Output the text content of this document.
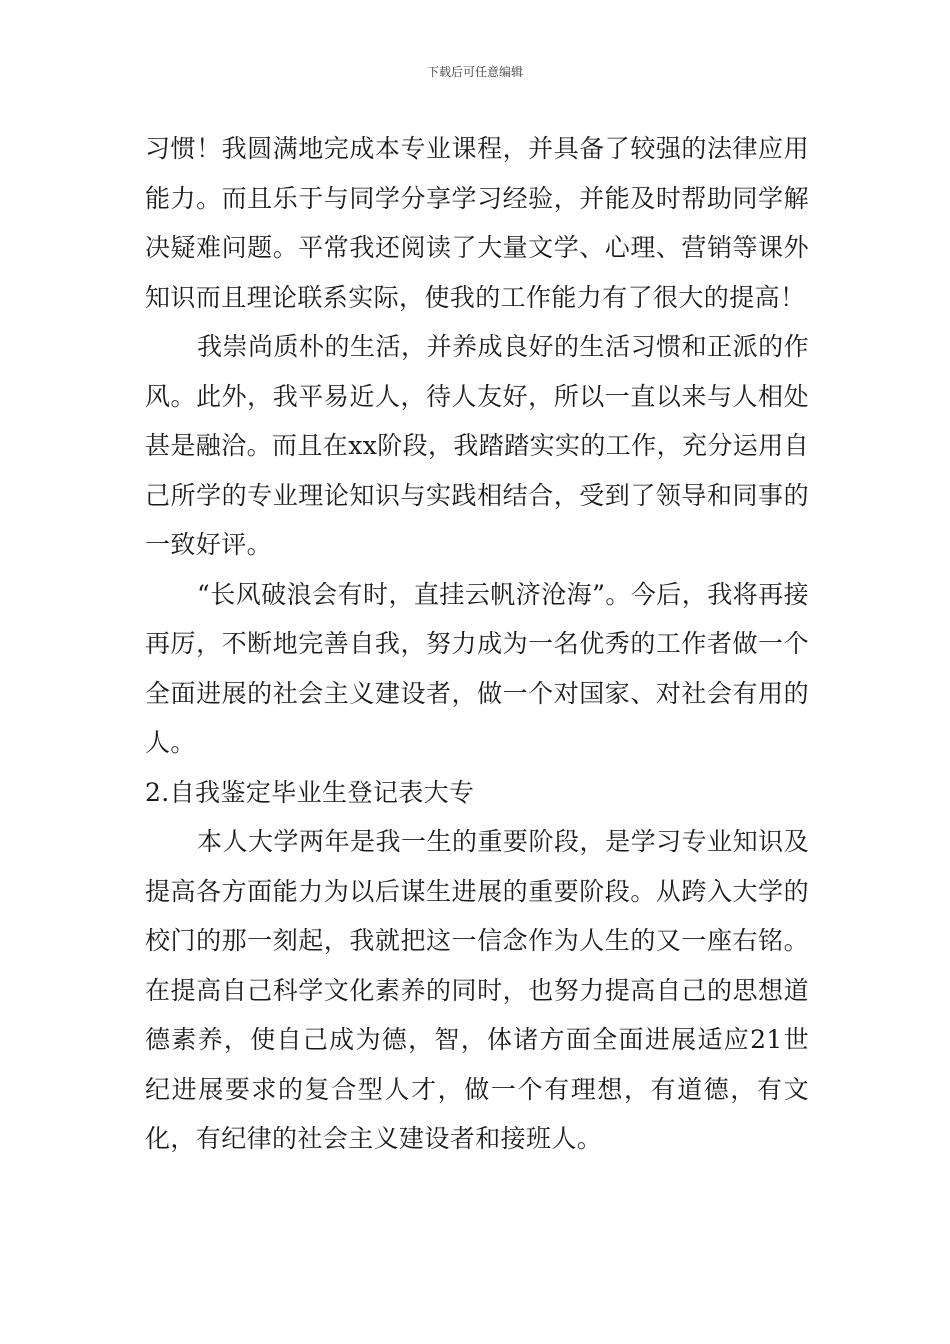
下载后可任意编辑

习惯！我圆满地完成本专业课程，并具备了较强的法律应用能力。而且乐于与同学分享学习经验，并能及时帮助同学解决疑难问题。平常我还阅读了大量文学、心理、营销等课外知识而且理论联系实际，使我的工作能力有了很大的提高！

我崇尚质朴的生活，并养成良好的生活习惯和正派的作风。此外，我平易近人，待人友好，所以一直以来与人相处甚是融洽。而且在xx阶段，我踏踏实实的工作，充分运用自己所学的专业理论知识与实践相结合，受到了领导和同事的一致好评。

“长风破浪会有时，直挂云帆济沧海”。今后，我将再接再厉，不断地完善自我，努力成为一名优秀的工作者做一个全面进展的社会主义建设者，做一个对国家、对社会有用的人。

2.自我鉴定毕业生登记表大专

本人大学两年是我一生的重要阶段，是学习专业知识及提高各方面能力为以后谋生进展的重要阶段。从跨入大学的校门的那一刻起，我就把这一信念作为人生的又一座右铭。在提高自己科学文化素养的同时，也努力提高自己的思想道德素养，使自己成为德，智，体诸方面全面进展适应21世纪进展要求的复合型人才，做一个有理想，有道德，有文化，有纪律的社会主义建设者和接班人。
